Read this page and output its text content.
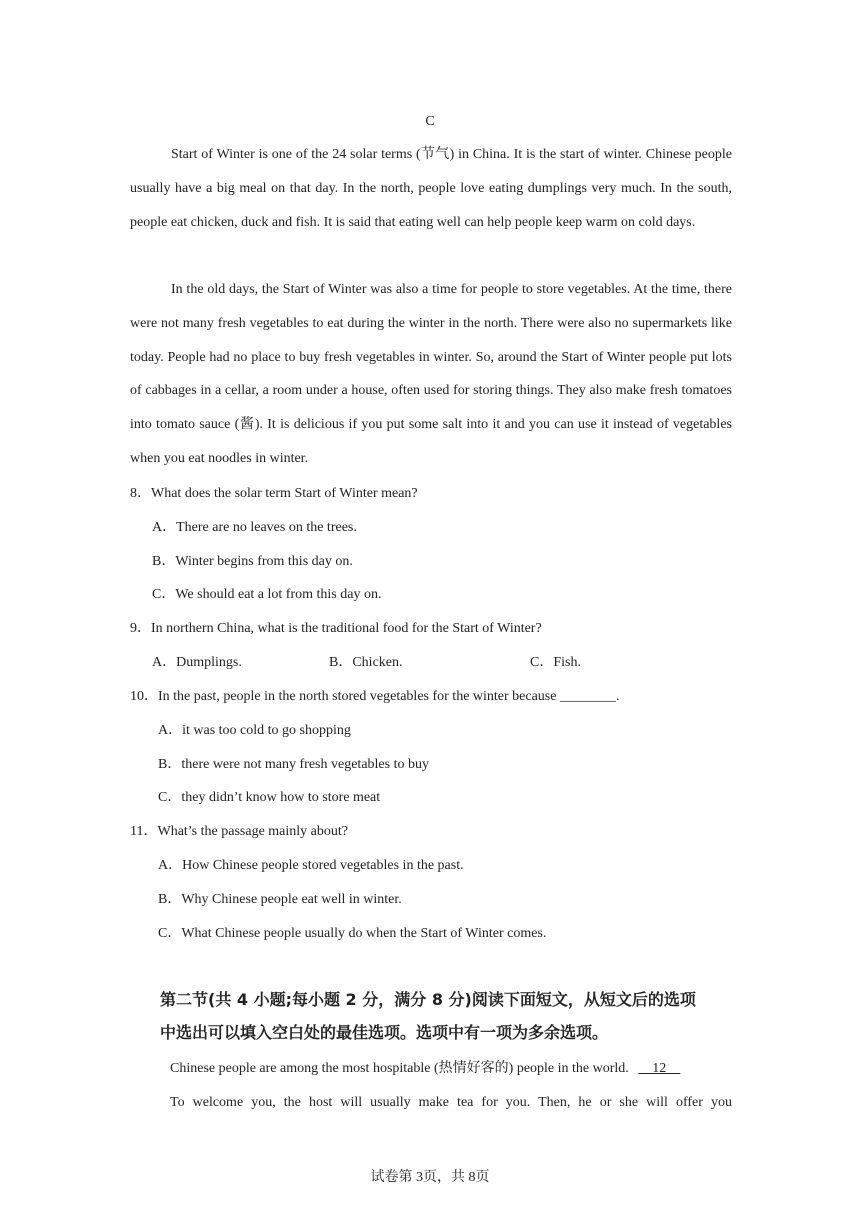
C
Start of Winter is one of the 24 solar terms (节气) in China. It is the start of winter. Chinese people usually have a big meal on that day. In the north, people love eating dumplings very much. In the south, people eat chicken, duck and fish. It is said that eating well can help people keep warm on cold days.
In the old days, the Start of Winter was also a time for people to store vegetables. At the time, there were not many fresh vegetables to eat during the winter in the north. There were also no supermarkets like today. People had no place to buy fresh vegetables in winter. So, around the Start of Winter people put lots of cabbages in a cellar, a room under a house, often used for storing things. They also make fresh tomatoes into tomato sauce (酱). It is delicious if you put some salt into it and you can use it instead of vegetables when you eat noodles in winter.
8．What does the solar term Start of Winter mean?
A．There are no leaves on the trees.
B．Winter begins from this day on.
C．We should eat a lot from this day on.
9．In northern China, what is the traditional food for the Start of Winter?
A．Dumplings.	B．Chicken.	C．Fish.
10．In the past, people in the north stored vegetables for the winter because ________.
A．it was too cold to go shopping
B．there were not many fresh vegetables to buy
C．they didn’t know how to store meat
11．What’s the passage mainly about?
A．How Chinese people stored vegetables in the past.
B．Why Chinese people eat well in winter.
C．What Chinese people usually do when the Start of Winter comes.
第二节(共 4 小题;每小题 2 分，满分 8 分)阅读下面短文，从短文后的选项
中选出可以填入空白处的最佳选项。选项中有一项为多余选项。
Chinese people are among the most hospitable (热情好客的) people in the world.     12
To welcome you, the host will usually make tea for you. Then, he or she will offer you
试卷第 3页，共 8页
